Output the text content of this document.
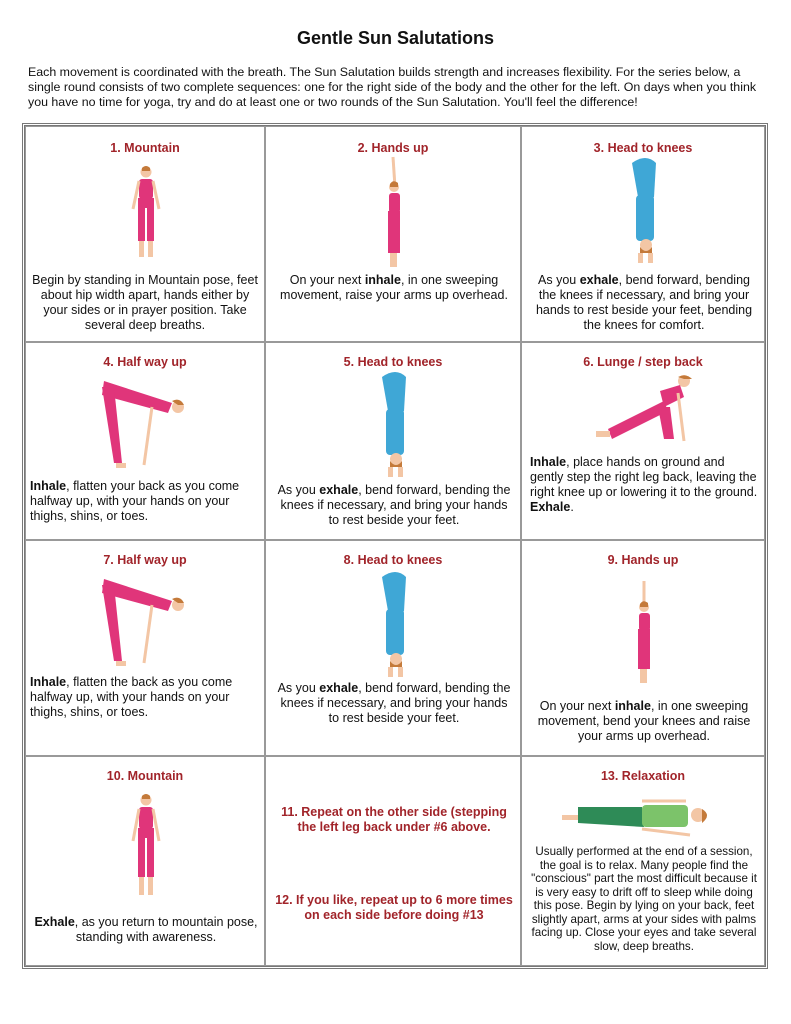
Gentle Sun Salutations
Each movement is coordinated with the breath. The Sun Salutation builds strength and increases flexibility. For the series below, a single round consists of two complete sequences: one for the right side of the body and the other for the left. On days when you think you have no time for yoga, try and do at least one or two rounds of the Sun Salutation. You'll feel the difference!
1. Mountain
Begin by standing in Mountain pose, feet about hip width apart, hands either by your sides or in prayer position. Take several deep breaths.
2. Hands up
On your next inhale, in one sweeping movement, raise your arms up overhead.
3. Head to knees
As you exhale, bend forward, bending the knees if necessary, and bring your hands to rest beside your feet, bending the knees for comfort.
4. Half way up
Inhale, flatten your back as you come halfway up, with your hands on your thighs, shins, or toes.
5. Head to knees
As you exhale, bend forward, bending the knees if necessary, and bring your hands to rest beside your feet.
6. Lunge / step back
Inhale, place hands on ground and gently step the right leg back, leaving the right knee up or lowering it to the ground. Exhale.
7. Half way up
Inhale, flatten the back as you come halfway up, with your hands on your thighs, shins, or toes.
8. Head to knees
As you exhale, bend forward, bending the knees if necessary, and bring your hands to rest beside your feet.
9. Hands up
On your next inhale, in one sweeping movement, bend your knees and raise your arms up overhead.
10. Mountain
Exhale, as you return to mountain pose, standing with awareness.
11. Repeat on the other side (stepping the left leg back under #6 above.
12. If you like, repeat up to 6 more times on each side before doing #13
13. Relaxation
Usually performed at the end of a session, the goal is to relax. Many people find the "conscious" part the most difficult because it is very easy to drift off to sleep while doing this pose. Begin by lying on your back, feet slightly apart, arms at your sides with palms facing up. Close your eyes and take several slow, deep breaths.
